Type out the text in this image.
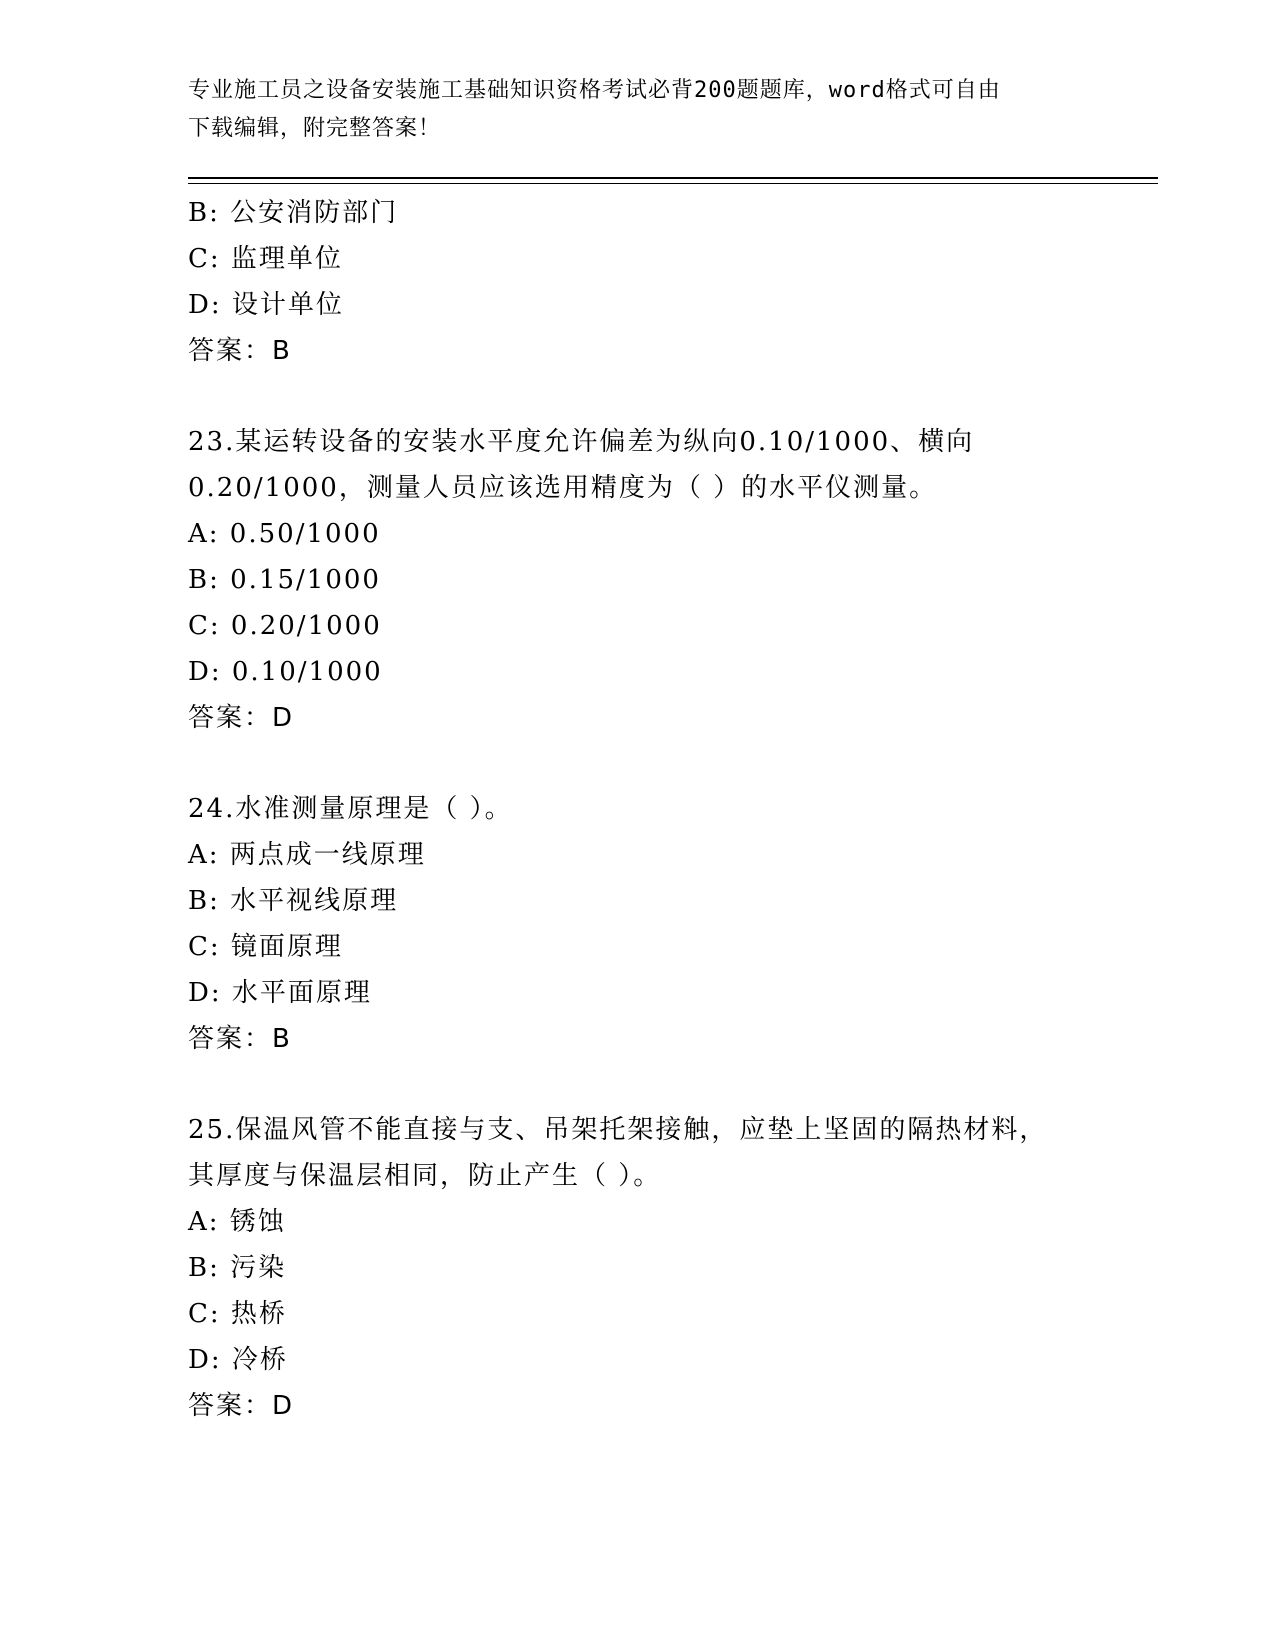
专业施工员之设备安装施工基础知识资格考试必背200题题库，word格式可自由
下载编辑，附完整答案！
B: 公安消防部门
C: 监理单位
D: 设计单位
答案：B
23.某运转设备的安装水平度允许偏差为纵向0.10/1000、横向
0.20/1000，测量人员应该选用精度为（ ）的水平仪测量。
A: 0.50/1000
B: 0.15/1000
C: 0.20/1000
D: 0.10/1000
答案：D
24.水准测量原理是（ ）。
A: 两点成一线原理
B: 水平视线原理
C: 镜面原理
D: 水平面原理
答案：B
25.保温风管不能直接与支、吊架托架接触，应垫上坚固的隔热材料，
其厚度与保温层相同，防止产生（ ）。
A: 锈蚀
B: 污染
C: 热桥
D: 冷桥
答案：D
